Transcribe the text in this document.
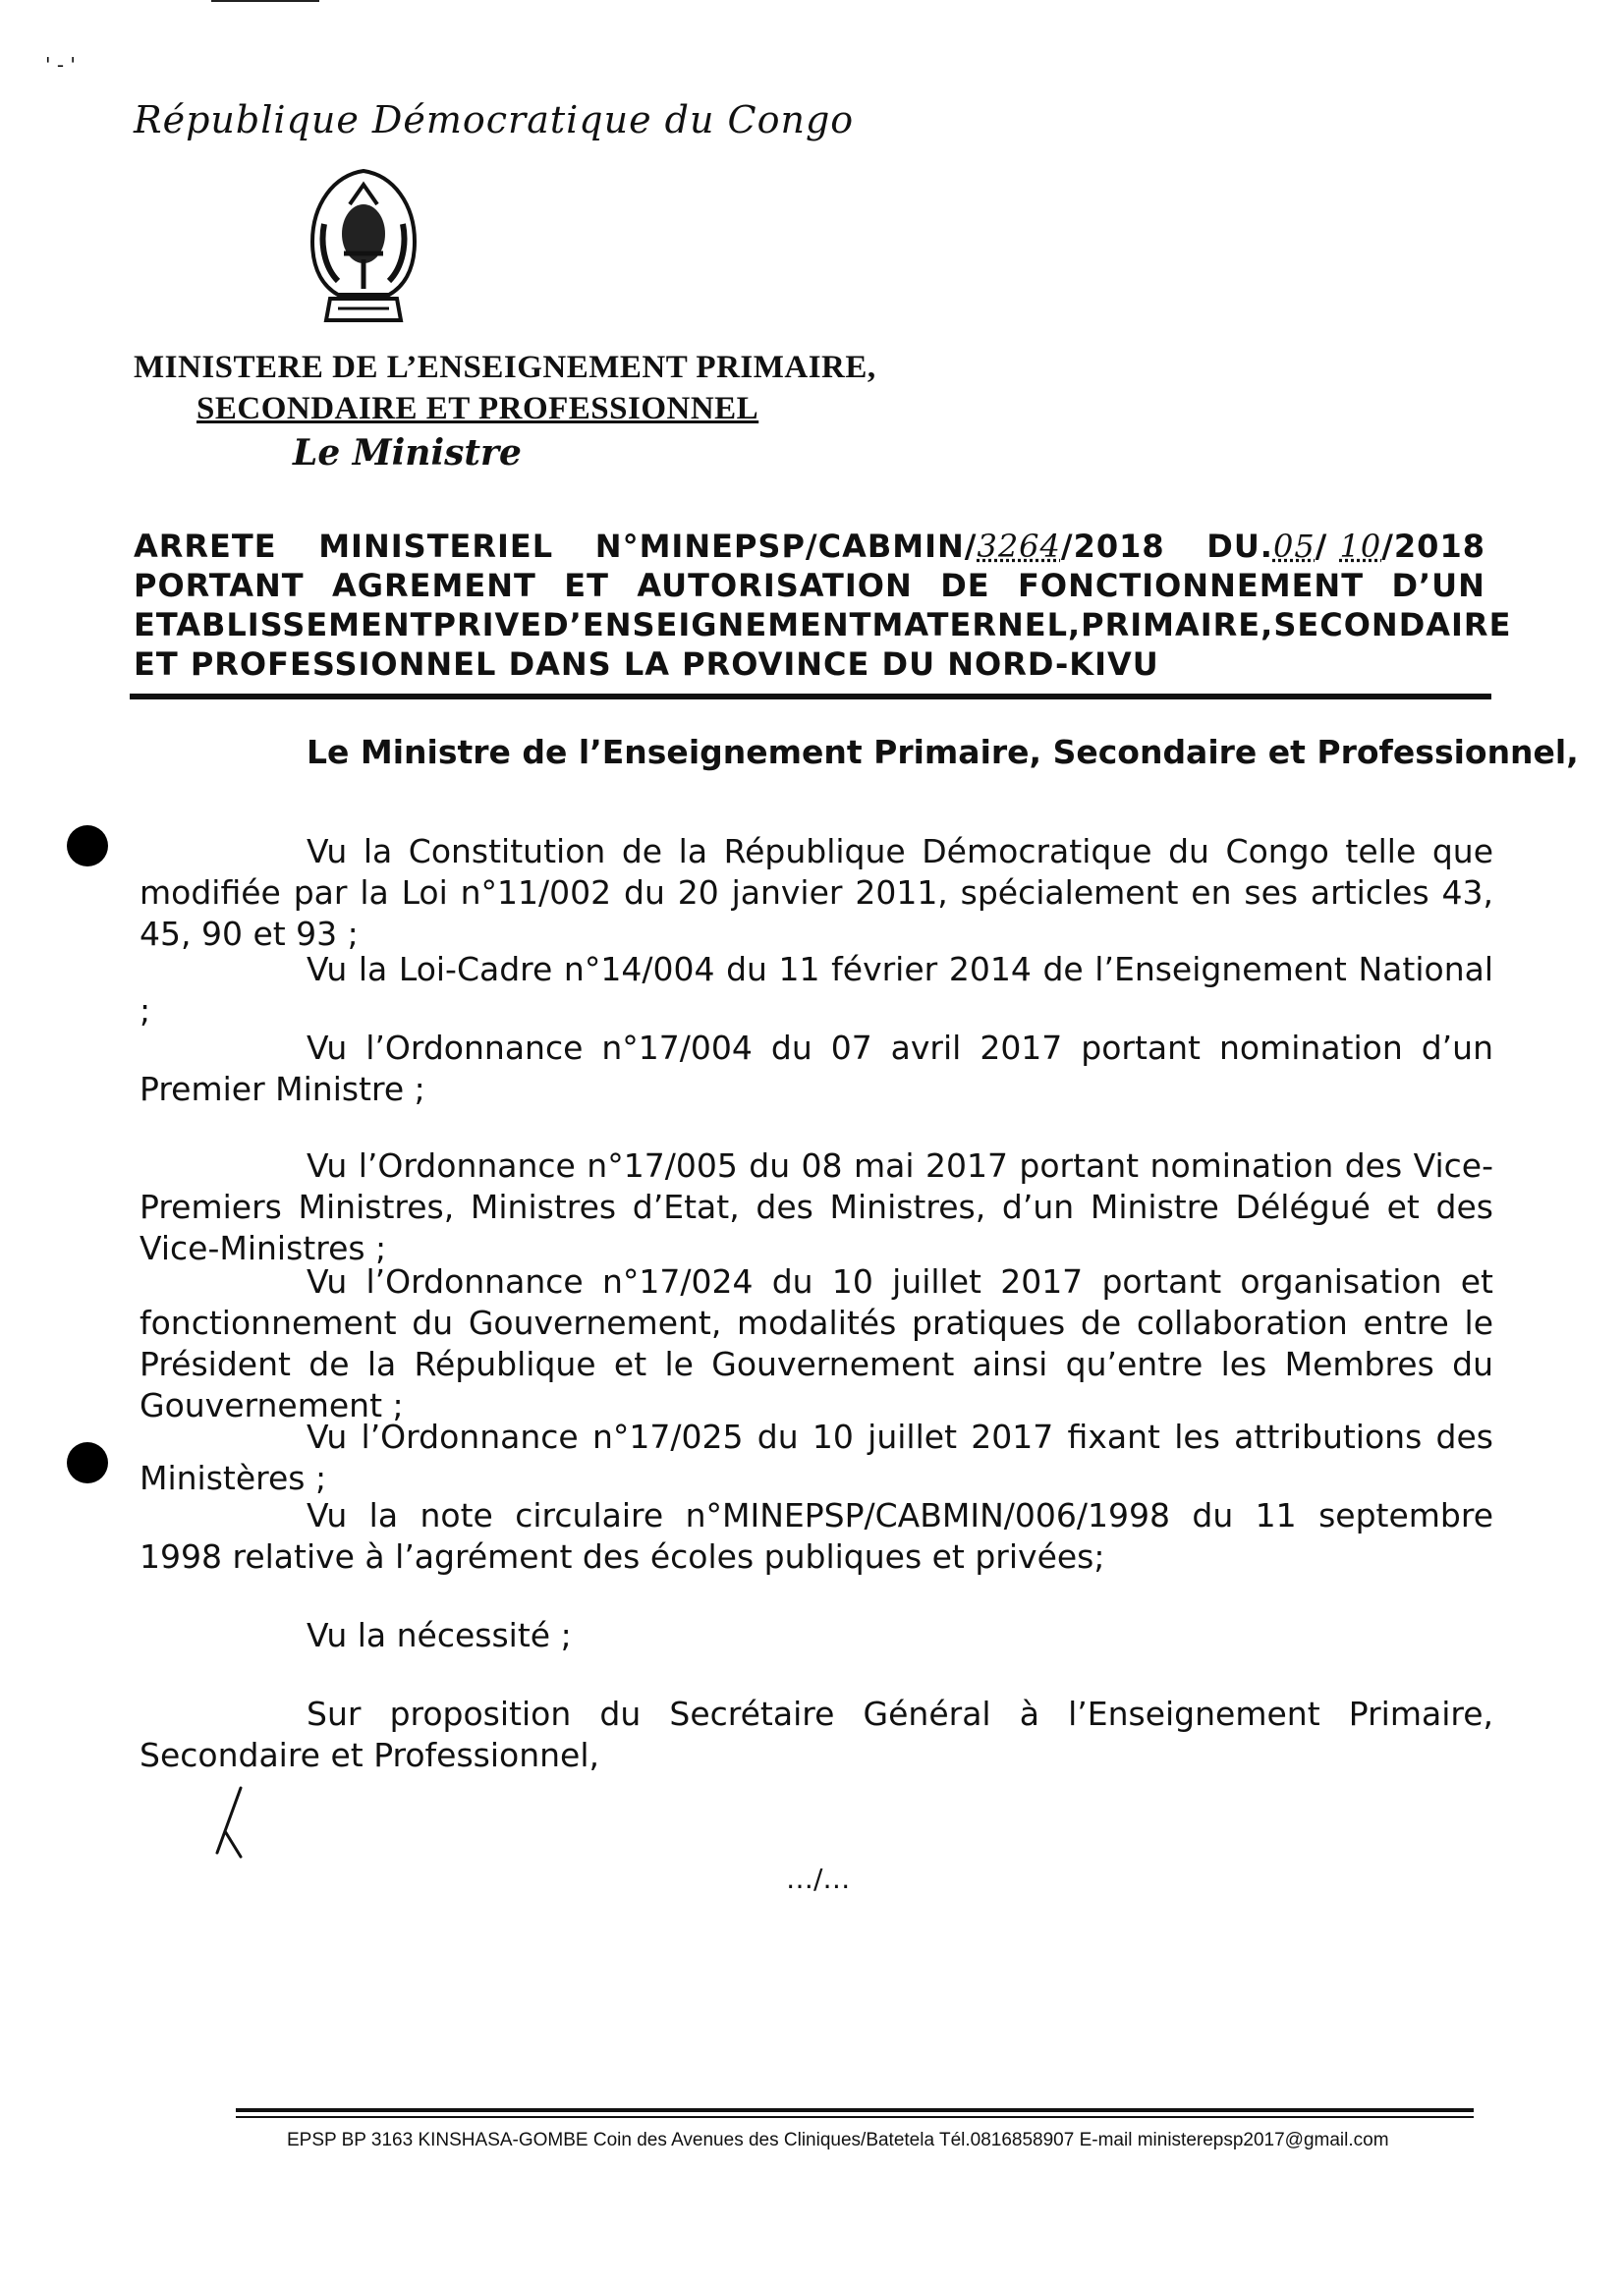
' - '
République Démocratique du Congo
MINISTERE DE L’ENSEIGNEMENT PRIMAIRE,
SECONDAIRE ET PROFESSIONNEL
Le Ministre
ARRETE MINISTERIEL N°MINEPSP/CABMIN/3264/2018 DU.05/ 10/2018
PORTANT AGREMENT ET AUTORISATION DE FONCTIONNEMENT D’UN
ETABLISSEMENT PRIVE D’ENSEIGNEMENT MATERNEL, PRIMAIRE, SECONDAIRE
ET PROFESSIONNEL DANS LA PROVINCE DU NORD-KIVU
Le Ministre de l’Enseignement Primaire, Secondaire et Professionnel,
Vu la Constitution de la République Démocratique du Congo telle que modifiée par la Loi n°11/002 du 20 janvier 2011, spécialement en ses articles 43, 45, 90 et 93 ;
Vu la Loi-Cadre n°14/004 du 11 février 2014 de l’Enseignement National ;
Vu l’Ordonnance n°17/004 du 07 avril 2017 portant nomination d’un Premier Ministre ;
Vu l’Ordonnance n°17/005 du 08 mai 2017 portant nomination des Vice-Premiers Ministres, Ministres d’Etat, des Ministres, d’un Ministre Délégué et des Vice-Ministres ;
Vu l’Ordonnance n°17/024 du 10 juillet 2017 portant organisation et fonctionnement du Gouvernement, modalités pratiques de collaboration entre le Président de la République et le Gouvernement ainsi qu’entre les Membres du Gouvernement ;
Vu l’Ordonnance n°17/025 du 10 juillet 2017 fixant les attributions des Ministères ;
Vu la note circulaire n°MINEPSP/CABMIN/006/1998 du 11 septembre 1998 relative à l’agrément des écoles publiques et privées;
Vu la nécessité ;
Sur proposition du Secrétaire Général à l’Enseignement Primaire, Secondaire et Professionnel,
…/…
EPSP BP 3163 KINSHASA-GOMBE Coin des Avenues des Cliniques/Batetela Tél.0816858907 E-mail ministerepsp2017@gmail.com
